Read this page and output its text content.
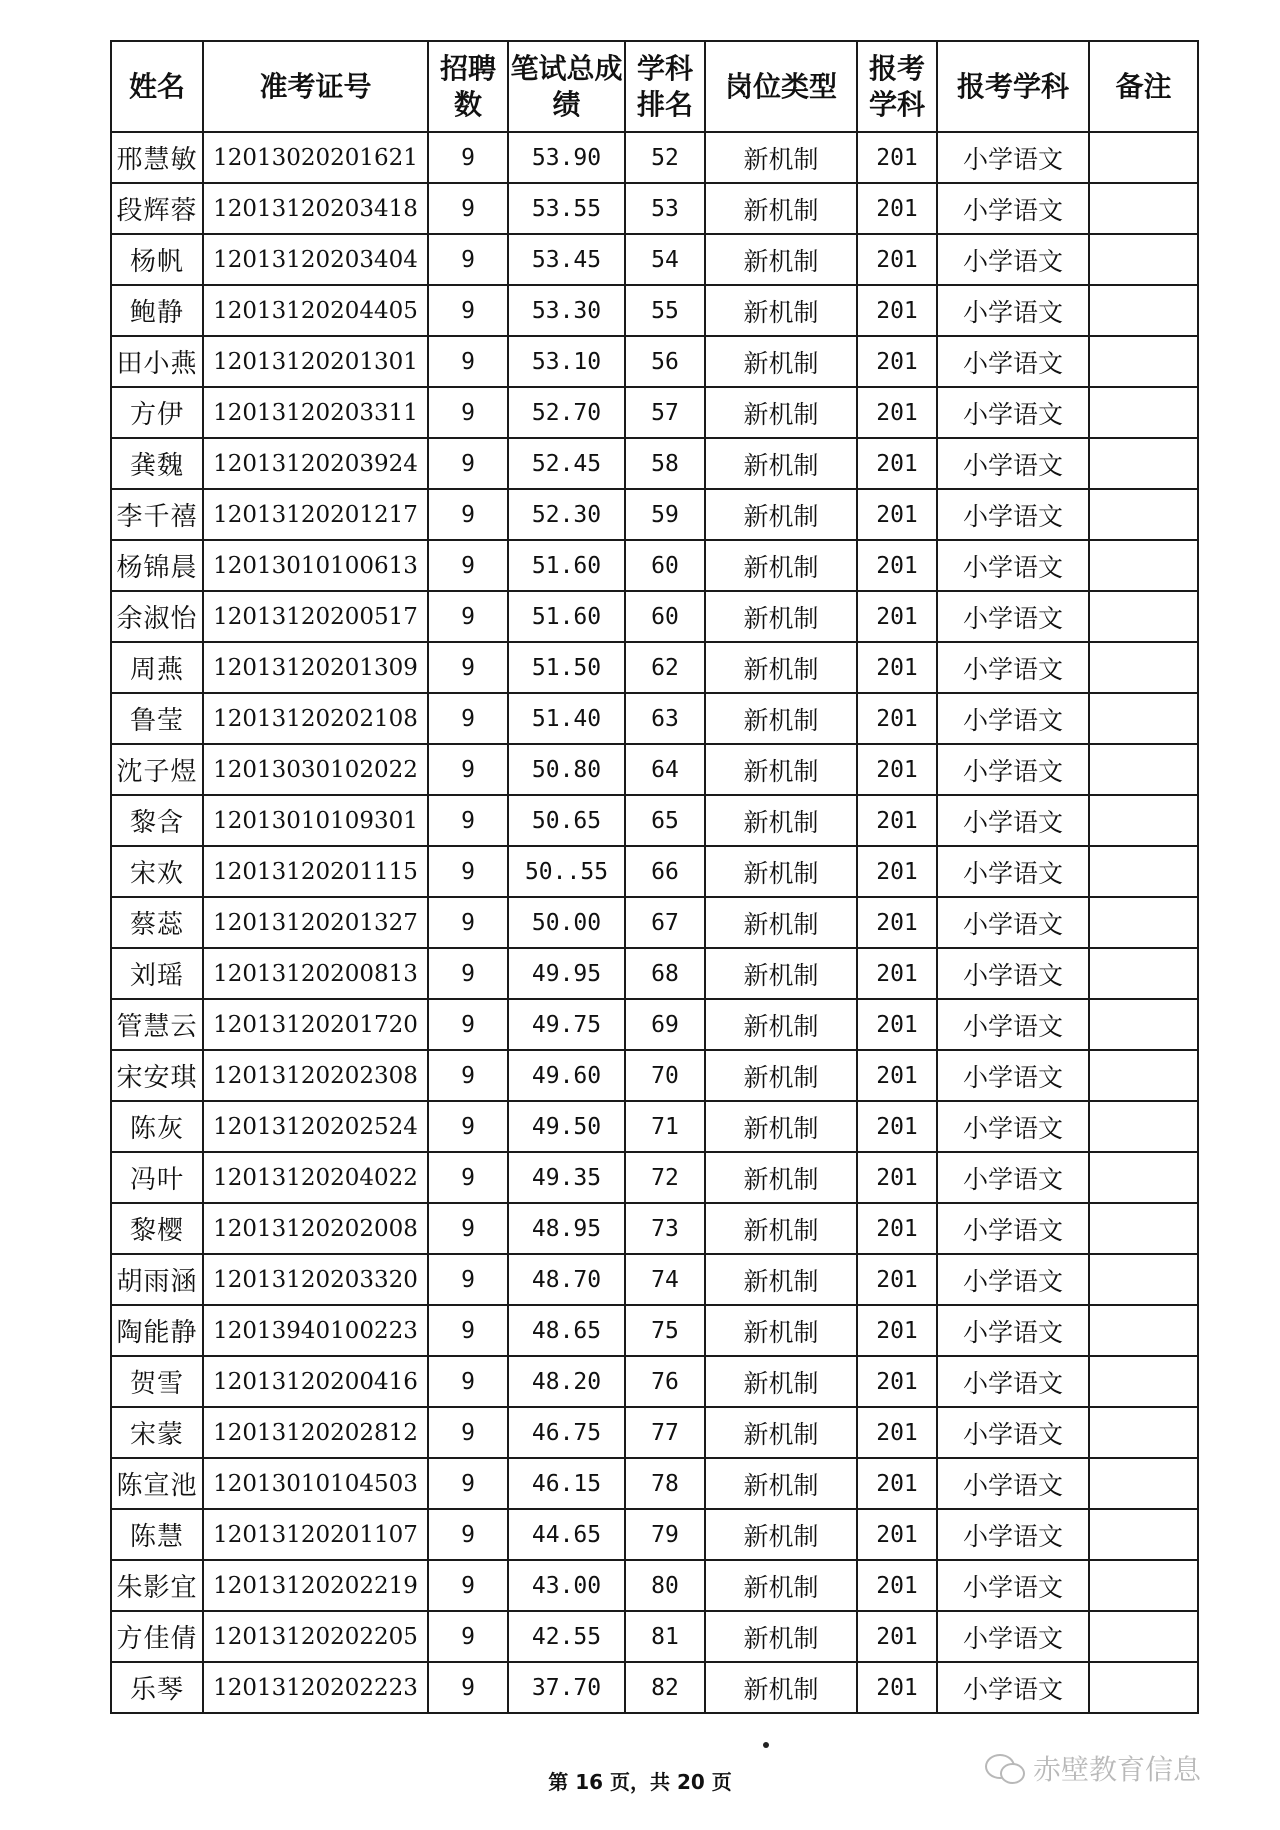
姓名	准考证号	招聘数	笔试总成绩	学科排名	岗位类型	报考学科	报考学科	备注
邢慧敏	12013020201621	9	53.90	52	新机制	201	小学语文	
段辉蓉	12013120203418	9	53.55	53	新机制	201	小学语文	
杨帆	12013120203404	9	53.45	54	新机制	201	小学语文	
鲍静	12013120204405	9	53.30	55	新机制	201	小学语文	
田小燕	12013120201301	9	53.10	56	新机制	201	小学语文	
方伊	12013120203311	9	52.70	57	新机制	201	小学语文	
龚魏	12013120203924	9	52.45	58	新机制	201	小学语文	
李千禧	12013120201217	9	52.30	59	新机制	201	小学语文	
杨锦晨	12013010100613	9	51.60	60	新机制	201	小学语文	
余淑怡	12013120200517	9	51.60	60	新机制	201	小学语文	
周燕	12013120201309	9	51.50	62	新机制	201	小学语文	
鲁莹	12013120202108	9	51.40	63	新机制	201	小学语文	
沈子煜	12013030102022	9	50.80	64	新机制	201	小学语文	
黎含	12013010109301	9	50.65	65	新机制	201	小学语文	
宋欢	12013120201115	9	50..55	66	新机制	201	小学语文	
蔡蕊	12013120201327	9	50.00	67	新机制	201	小学语文	
刘瑶	12013120200813	9	49.95	68	新机制	201	小学语文	
管慧云	12013120201720	9	49.75	69	新机制	201	小学语文	
宋安琪	12013120202308	9	49.60	70	新机制	201	小学语文	
陈灰	12013120202524	9	49.50	71	新机制	201	小学语文	
冯叶	12013120204022	9	49.35	72	新机制	201	小学语文	
黎樱	12013120202008	9	48.95	73	新机制	201	小学语文	
胡雨涵	12013120203320	9	48.70	74	新机制	201	小学语文	
陶能静	12013940100223	9	48.65	75	新机制	201	小学语文	
贺雪	12013120200416	9	48.20	76	新机制	201	小学语文	
宋蒙	12013120202812	9	46.75	77	新机制	201	小学语文	
陈宣池	12013010104503	9	46.15	78	新机制	201	小学语文	
陈慧	12013120201107	9	44.65	79	新机制	201	小学语文	
朱影宜	12013120202219	9	43.00	80	新机制	201	小学语文	
方佳倩	12013120202205	9	42.55	81	新机制	201	小学语文	
乐琴	12013120202223	9	37.70	82	新机制	201	小学语文	
第 16 页，共 20 页	赤壁教育信息
